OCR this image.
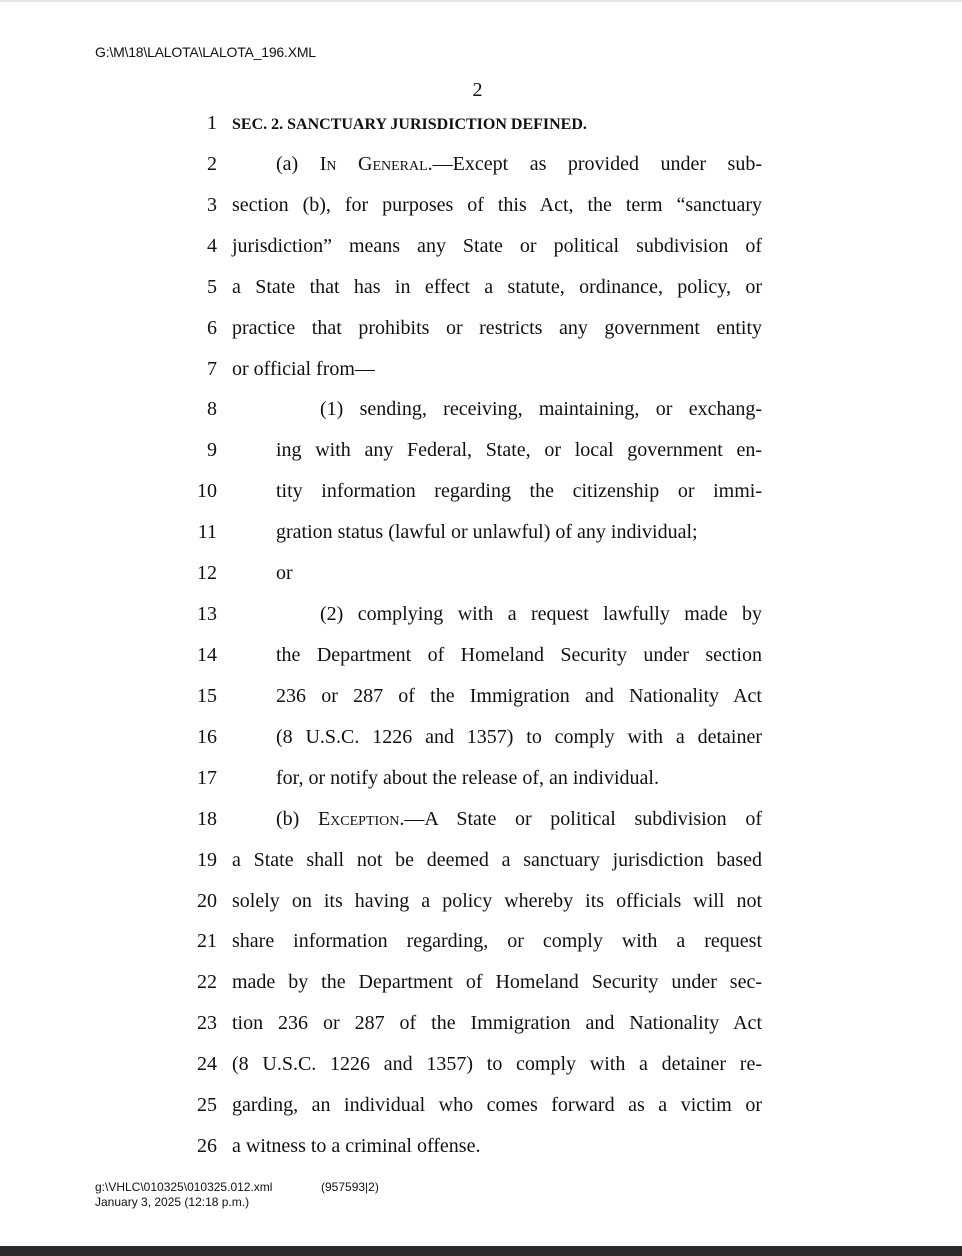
G:\M\18\LALOTA\LALOTA_196.XML
2
1 SEC. 2. SANCTUARY JURISDICTION DEFINED.
2	(a) In General.—Except as provided under sub-
3 section (b), for purposes of this Act, the term “sanctuary
4 jurisdiction” means any State or political subdivision of
5 a State that has in effect a statute, ordinance, policy, or
6 practice that prohibits or restricts any government entity
7 or official from—
8	(1) sending, receiving, maintaining, or exchang-
9	ing with any Federal, State, or local government en-
10	tity information regarding the citizenship or immi-
11	gration status (lawful or unlawful) of any individual;
12	or
13	(2) complying with a request lawfully made by
14	the Department of Homeland Security under section
15	236 or 287 of the Immigration and Nationality Act
16	(8 U.S.C. 1226 and 1357) to comply with a detainer
17	for, or notify about the release of, an individual.
18	(b) Exception.—A State or political subdivision of
19 a State shall not be deemed a sanctuary jurisdiction based
20 solely on its having a policy whereby its officials will not
21 share information regarding, or comply with a request
22 made by the Department of Homeland Security under sec-
23 tion 236 or 287 of the Immigration and Nationality Act
24 (8 U.S.C. 1226 and 1357) to comply with a detainer re-
25 garding, an individual who comes forward as a victim or
26 a witness to a criminal offense.
g:\VHLC\010325\010325.012.xml	(957593|2)
January 3, 2025 (12:18 p.m.)
